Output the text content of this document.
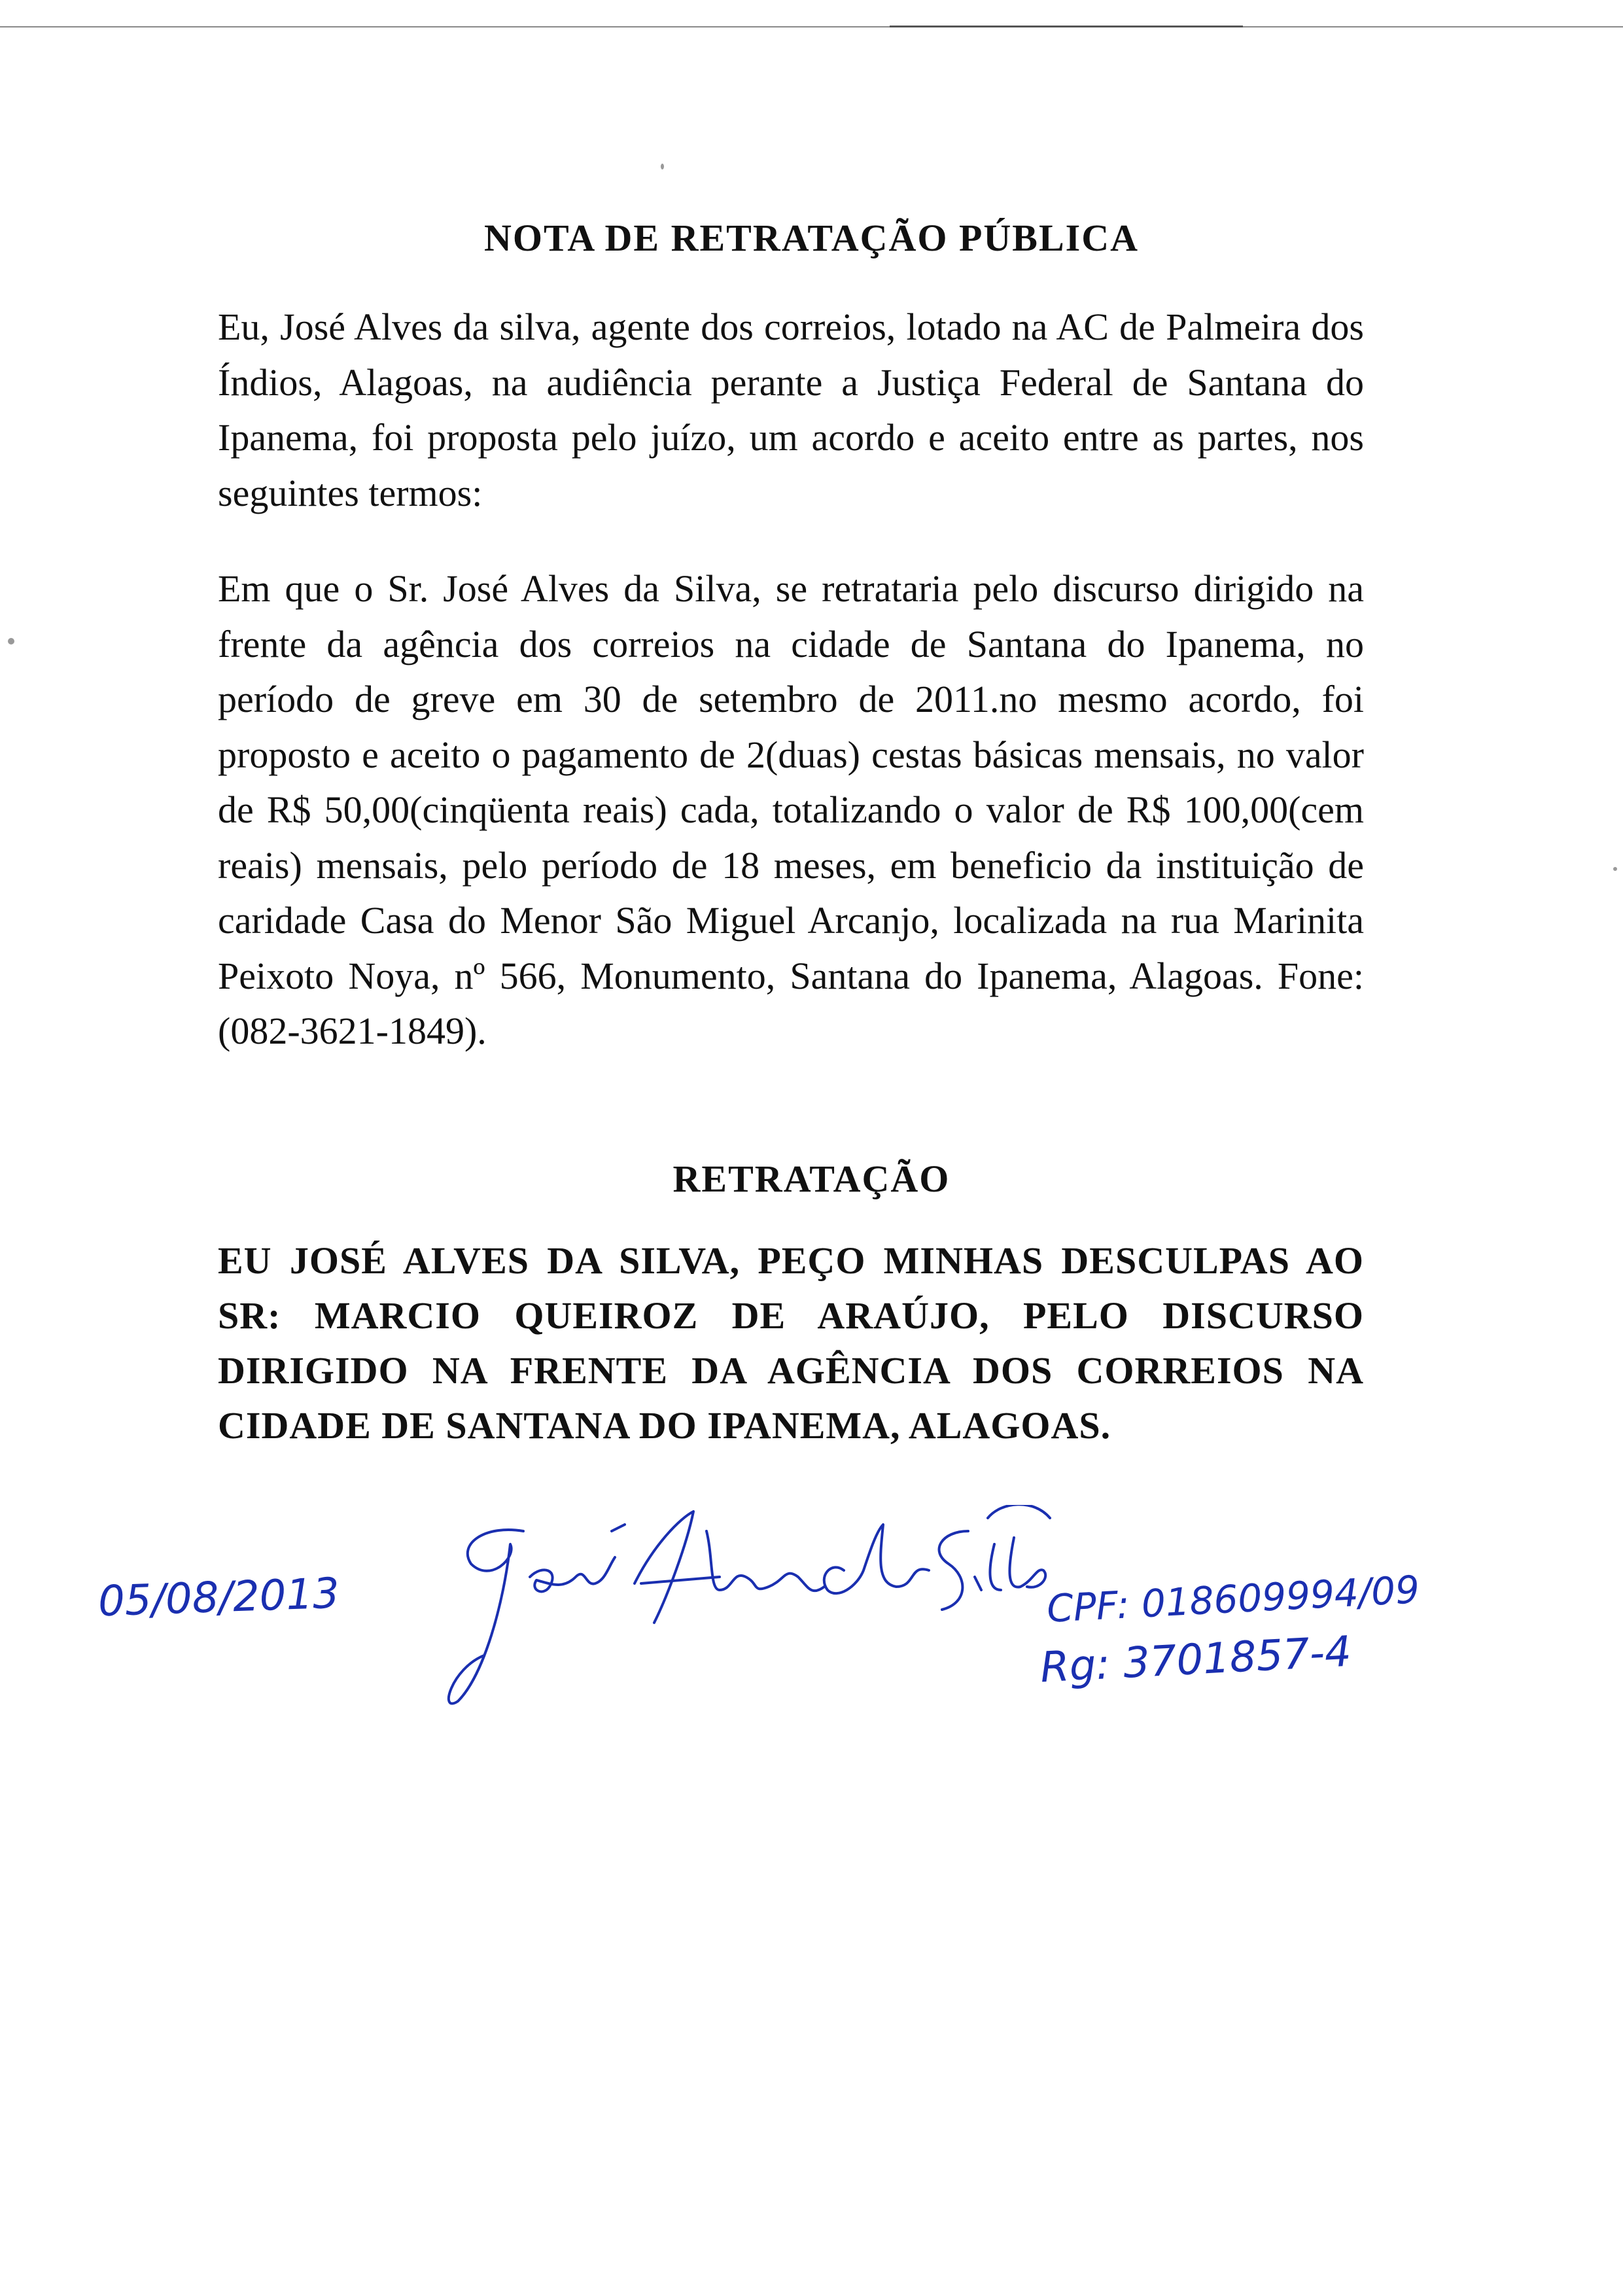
NOTA DE RETRATAÇÃO PÚBLICA

Eu, José Alves da silva, agente dos correios, lotado na AC de Palmeira dos Índios, Alagoas, na audiência perante a Justiça Federal de Santana do Ipanema, foi proposta pelo juízo, um acordo e aceito entre as partes, nos seguintes termos:

Em que o Sr. José Alves da Silva, se retrataria pelo discurso dirigido na frente da agência dos correios na cidade de Santana do Ipanema, no período de greve em 30 de setembro de 2011.no mesmo acordo, foi proposto e aceito o pagamento de 2(duas) cestas básicas mensais, no valor de R$ 50,00(cinqüenta reais) cada, totalizando o valor de R$ 100,00(cem reais) mensais, pelo período de 18 meses, em beneficio da instituição de caridade Casa do Menor São Miguel Arcanjo, localizada na rua Marinita Peixoto Noya, nº 566, Monumento, Santana do Ipanema, Alagoas. Fone: (082-3621-1849).

RETRATAÇÃO

EU JOSÉ ALVES DA SILVA, PEÇO MINHAS DESCULPAS AO SR: MARCIO QUEIROZ DE ARAÚJO, PELO DISCURSO DIRIGIDO NA FRENTE DA AGÊNCIA DOS CORREIOS NA CIDADE DE SANTANA DO IPANEMA, ALAGOAS.

05/08/2013	CPF: 018609994/09
Rg: 3701857-4
